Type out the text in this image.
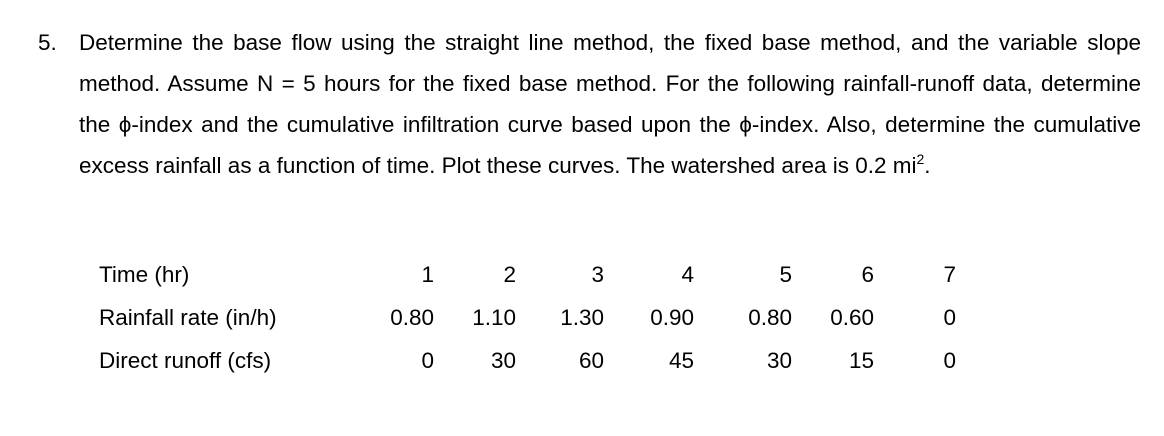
5. Determine the base flow using the straight line method, the fixed base method, and the variable slope method. Assume N = 5 hours for the fixed base method. For the following rainfall-runoff data, determine the ϕ-index and the cumulative infiltration curve based upon the ϕ-index. Also, determine the cumulative excess rainfall as a function of time. Plot these curves. The watershed area is 0.2 $mi^2$.
Time (hr)	1	2	3	4	5	6	7
Rainfall rate (in/h)	0.80	1.10	1.30	0.90	0.80	0.60	0
Direct runoff (cfs)	0	30	60	45	30	15	0
